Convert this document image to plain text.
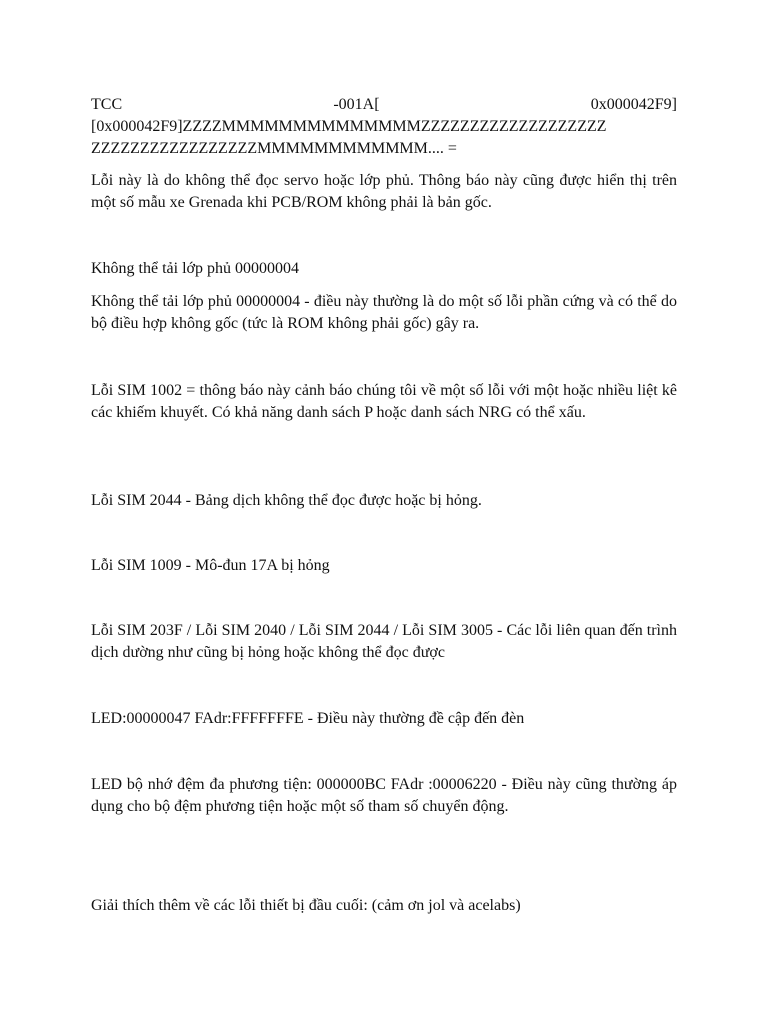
TCC	-001A[	0x000042F9]
[0x000042F9]ZZZZMMMMMMMMMMMMMMZZZZZZZZZZZZZZZZZZZ
ZZZZZZZZZZZZZZZZZMMMMMMMMMMMM.... =

Lỗi này là do không thể đọc servo hoặc lớp phủ. Thông báo này cũng được hiển thị trên một số mẫu xe Grenada khi PCB/ROM không phải là bản gốc.

Không thể tải lớp phủ 00000004

Không thể tải lớp phủ 00000004 - điều này thường là do một số lỗi phần cứng và có thể do bộ điều hợp không gốc (tức là ROM không phải gốc) gây ra.

Lỗi SIM 1002 = thông báo này cảnh báo chúng tôi về một số lỗi với một hoặc nhiều liệt kê các khiếm khuyết. Có khả năng danh sách P hoặc danh sách NRG có thể xấu.

Lỗi SIM 2044 - Bảng dịch không thể đọc được hoặc bị hỏng.

Lỗi SIM 1009 - Mô-đun 17A bị hỏng

Lỗi SIM 203F / Lỗi SIM 2040 / Lỗi SIM 2044 / Lỗi SIM 3005 - Các lỗi liên quan đến trình dịch dường như cũng bị hỏng hoặc không thể đọc được

LED:00000047 FAdr:FFFFFFFE - Điều này thường đề cập đến đèn

LED bộ nhớ đệm đa phương tiện: 000000BC FAdr :00006220 - Điều này cũng thường áp dụng cho bộ đệm phương tiện hoặc một số tham số chuyển động.

Giải thích thêm về các lỗi thiết bị đầu cuối: (cảm ơn jol và acelabs)
